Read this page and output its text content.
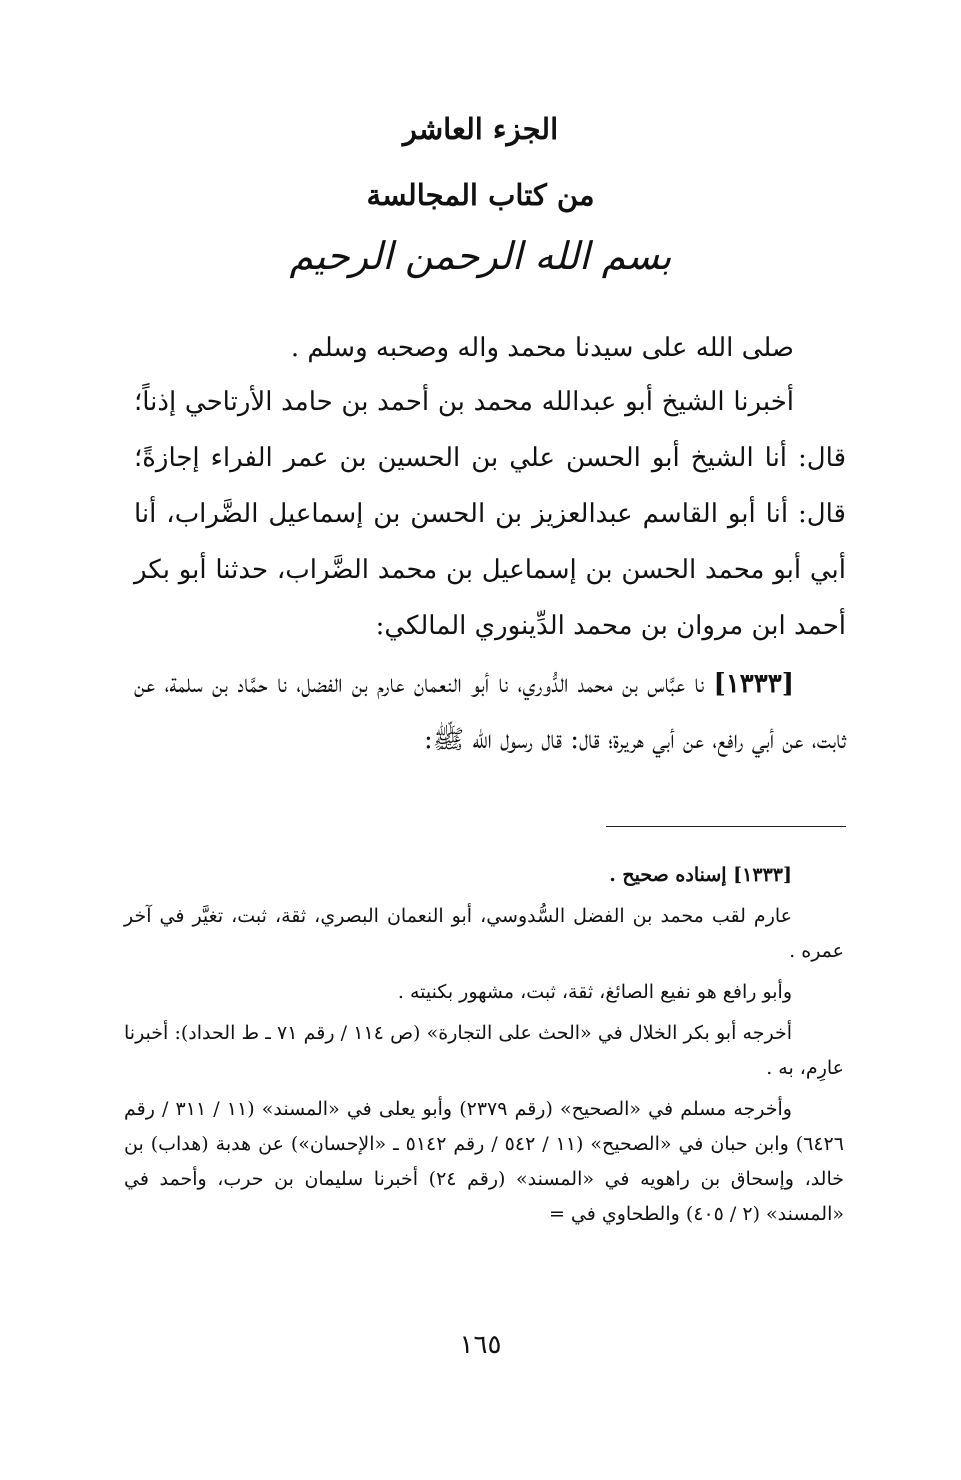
الجزء العاشر
من كتاب المجالسة
بسم الله الرحمن الرحيم

صلى الله على سيدنا محمد واله وصحبه وسلم .

أخبرنا الشيخ أبو عبدالله محمد بن أحمد بن حامد الأرتاحي إذناً؛ قال: أنا الشيخ أبو الحسن علي بن الحسين بن عمر الفراء إجازةً؛ قال: أنا أبو القاسم عبدالعزيز بن الحسن بن إسماعيل الضَّراب، أنا أبي أبو محمد الحسن بن إسماعيل بن محمد الضَّراب، حدثنا أبو بكر أحمد ابن مروان بن محمد الدِّينوري المالكي:

[١٣٣٣] نا عبَّاس بن محمد الدُّوري، نا أبو النعمان عارم بن الفضل، نا حمَّاد بن سلمة، عن ثابت، عن أبي رافع، عن أبي هريرة؛ قال: قال رسول الله ﷺ:

[١٣٣٣] إسناده صحيح .

عارم لقب محمد بن الفضل السُّدوسي، أبو النعمان البصري، ثقة، ثبت، تغيَّر في آخر عمره .

وأبو رافع هو نفيع الصائغ، ثقة، ثبت، مشهور بكنيته .

أخرجه أبو بكر الخلال في «الحث على التجارة» (ص ١١٤ / رقم ٧١ ـ ط الحداد): أخبرنا عارِم، به .

وأخرجه مسلم في «الصحيح» (رقم ٢٣٧٩) وأبو يعلى في «المسند» (١١ / ٣١١ / رقم ٦٤٢٦) وابن حبان في «الصحيح» (١١ / ٥٤٢ / رقم ٥١٤٢ ـ «الإحسان») عن هدبة (هداب) بن خالد، وإسحاق بن راهويه في «المسند» (رقم ٢٤) أخبرنا سليمان بن حرب، وأحمد في «المسند» (٢ / ٤٠٥) والطحاوي في =

١٦٥
